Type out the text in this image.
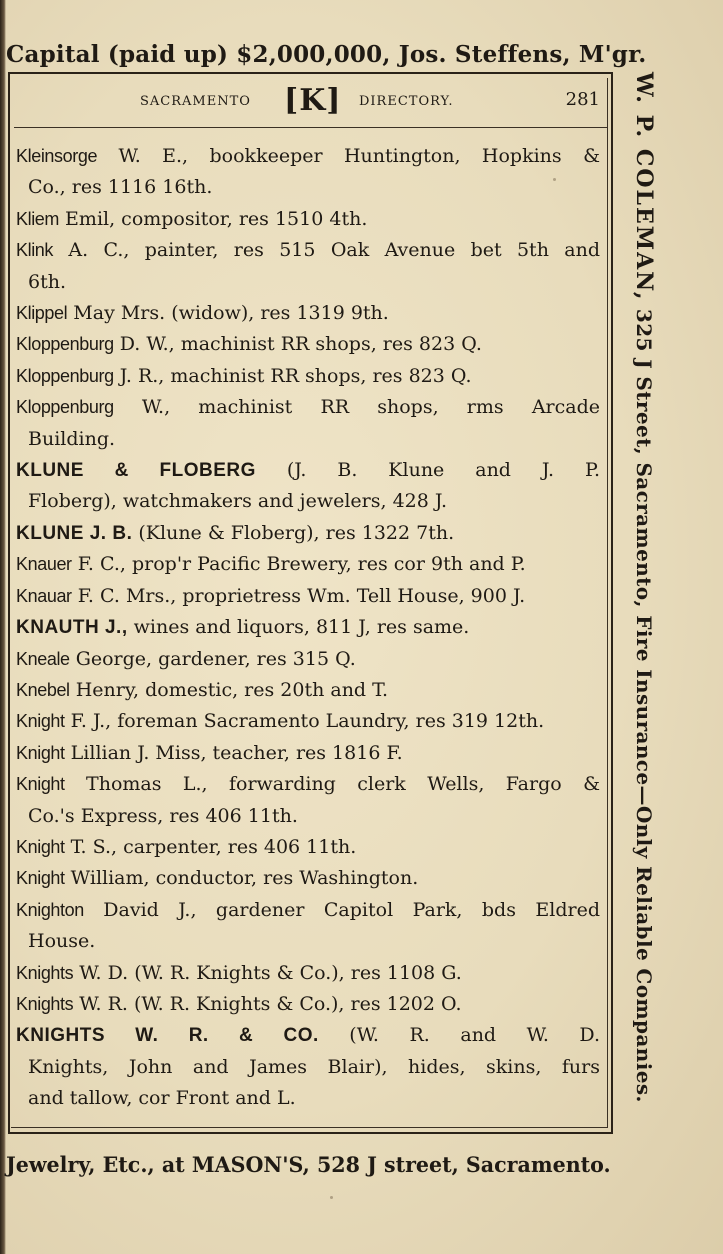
Capital (paid up) $2,000,000, Jos. Steffens, M'gr.
SACRAMENTO [K] DIRECTORY.	281
Kleinsorge W. E., bookkeeper Huntington, Hopkins &
Co., res 1116 16th.
Kliem Emil, compositor, res 1510 4th.
Klink A. C., painter, res 515 Oak Avenue bet 5th and
6th.
Klippel May Mrs. (widow), res 1319 9th.
Kloppenburg D. W., machinist RR shops, res 823 Q.
Kloppenburg J. R., machinist RR shops, res 823 Q.
Kloppenburg W., machinist RR shops, rms Arcade
Building.
KLUNE & FLOBERG (J. B. Klune and J. P.
Floberg), watchmakers and jewelers, 428 J.
KLUNE J. B. (Klune & Floberg), res 1322 7th.
Knauer F. C., prop'r Pacific Brewery, res cor 9th and P.
Knauar F. C. Mrs., proprietress Wm. Tell House, 900 J.
KNAUTH J., wines and liquors, 811 J, res same.
Kneale George, gardener, res 315 Q.
Knebel Henry, domestic, res 20th and T.
Knight F. J., foreman Sacramento Laundry, res 319 12th.
Knight Lillian J. Miss, teacher, res 1816 F.
Knight Thomas L., forwarding clerk Wells, Fargo &
Co.'s Express, res 406 11th.
Knight T. S., carpenter, res 406 11th.
Knight William, conductor, res Washington.
Knighton David J., gardener Capitol Park, bds Eldred
House.
Knights W. D. (W. R. Knights & Co.), res 1108 G.
Knights W. R. (W. R. Knights & Co.), res 1202 O.
KNIGHTS W. R. & CO. (W. R. and W. D.
Knights, John and James Blair), hides, skins, furs
and tallow, cor Front and L.
W. P. COLEMAN, 325 J Street, Sacramento, Fire Insurance—Only Reliable Companies.
Jewelry, Etc., at MASON'S, 528 J street, Sacramento.
